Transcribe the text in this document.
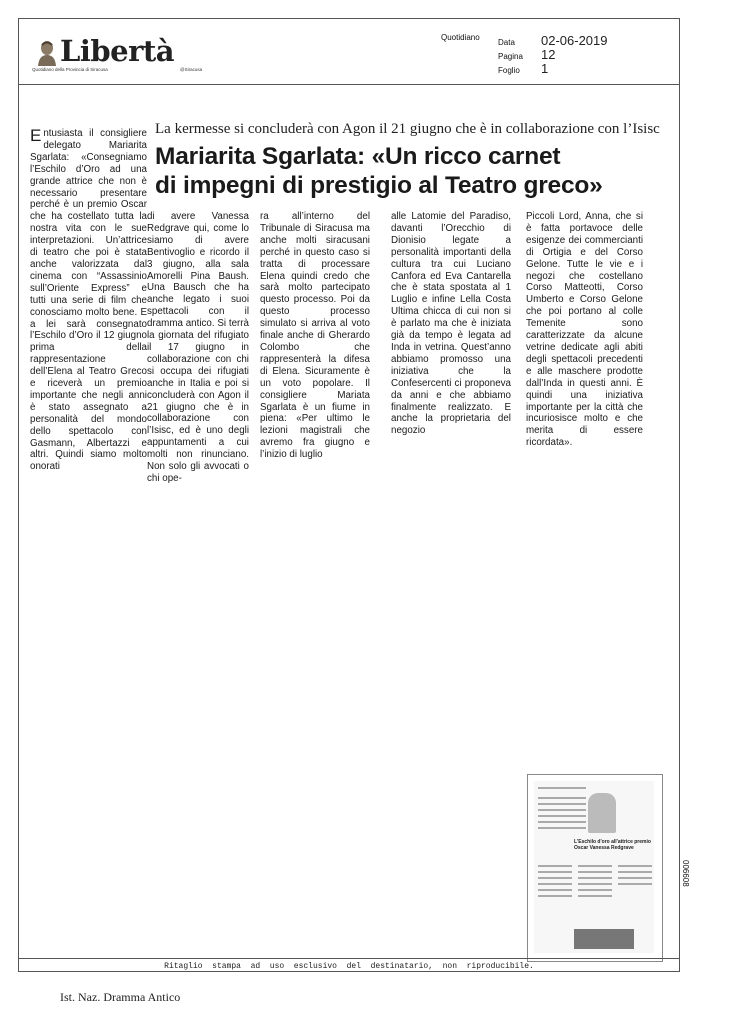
Libertà
Quotidiano della Provincia di Siracusa	@Siracusa
Quotidiano
Data	02-06-2019
Pagina	12
Foglio	1
La kermesse si concluderà con Agon il 21 giugno che è in collaborazione con l’Isisc
Mariarita Sgarlata: «Un ricco carnet
di impegni di prestigio al Teatro greco»
Entusiasta il consigliere delegato Mariarita Sgarlata: «Consegniamo l’Eschilo d’Oro ad una grande attrice che non è necessario presentare perché è un premio Oscar che ha costellato tutta la nostra vita con le sue interpretazioni. Un’attrice di teatro che poi è stata anche valorizzata dal cinema con “Assassinio sull’Oriente Express” e tutti una serie di film che conosciamo molto bene. E a lei sarà consegnato l’Eschilo d’Oro il 12 giugno prima della rappresentazione dell’Elena al Teatro Greco e riceverà un premio importante che negli anni è stato assegnato a personalità del mondo dello spettacolo con Gasmann, Albertazzi e altri. Quindi siamo molto onorati
di avere Vanessa Redgrave qui, come lo siamo di avere Bentivoglio e ricordo il 3 giugno, alla sala Amorelli Pina Baush. Una Bausch che ha anche legato i suoi spettacoli con il dramma antico. Si terrà la giornata del rifugiato il 17 giugno in collaborazione con chi si occupa dei rifugiati anche in Italia e poi si concluderà con Agon il 21 giugno che è in collaborazione con l’Isisc, ed è uno degli appuntamenti a cui molti non rinunciano. Non solo gli avvocati o chi ope-
ra all’interno del Tribunale di Siracusa ma anche molti siracusani perché in questo caso si tratta di processare Elena quindi credo che sarà molto partecipato questo processo. Poi da questo processo simulato si arriva al voto finale anche di Gherardo Colombo che rappresenterà la difesa di Elena. Sicuramente è un voto popolare. Il consigliere Mariata Sgarlata è un fiume in piena: «Per ultimo le lezioni magistrali che avremo fra giugno e l’inizio di luglio
alle Latomie del Paradiso, davanti l’Orecchio di Dionisio legate a personalità importanti della cultura tra cui Luciano Canfora ed Eva Cantarella che è stata spostata al 1 Luglio e infine Lella Costa Ultima chicca di cui non si è parlato ma che è iniziata già da tempo è legata ad Inda in vetrina. Quest’anno abbiamo promosso una iniziativa che la Confesercenti ci proponeva da anni e che abbiamo finalmente realizzato. E anche la proprietaria del negozio
Piccoli Lord, Anna, che si è fatta portavoce delle esigenze dei commercianti di Ortigia e del Corso Gelone. Tutte le vie e i negozi che costellano Corso Matteotti, Corso Umberto e Corso Gelone che poi portano al colle Temenite sono caratterizzate da alcune vetrine dedicate agli abiti degli spettacoli precedenti e alle maschere prodotte dall’Inda in questi anni. È quindi una iniziativa importante per la città che incuriosisce molto e che merita di essere ricordata».
L'Eschilo d'oro all'attrice premio Oscar Vanessa Redgrave
006608
Ritaglio  stampa  ad  uso  esclusivo  del  destinatario,  non  riproducibile.
Ist. Naz. Dramma Antico
